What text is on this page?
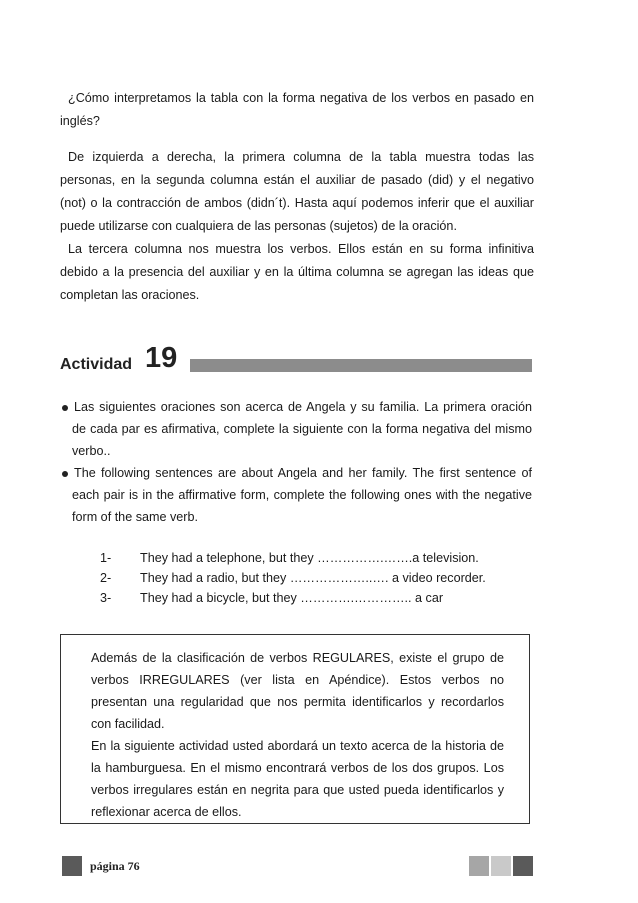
¿Cómo interpretamos la tabla con la forma negativa de los verbos en pasado en inglés?

De izquierda a derecha, la primera columna de la tabla muestra todas las personas, en la segunda columna están el auxiliar de pasado (did) y el negativo (not) o la contracción de ambos (didn´t). Hasta aquí podemos inferir que el auxiliar puede utilizarse con cualquiera de las personas (sujetos) de la oración.

La tercera columna nos muestra los verbos. Ellos están en su forma infinitiva debido a la presencia del auxiliar y en la última columna se agregan las ideas que completan las oraciones.

Actividad 19

Las siguientes oraciones son acerca de Angela y su familia. La primera oración de cada par es afirmativa, complete la siguiente con la forma negativa del mismo verbo..

The following sentences are about Angela and her family. The first sentence of each pair is in the affirmative form, complete the following ones with the negative form of the same verb.

1-	They had a telephone, but they …………….…….a television.
2-	They had a radio, but they ………………..…. a video recorder.
3-	They had a bicycle, but they ………….………….. a car

Además de la clasificación de verbos REGULARES, existe el grupo de verbos IRREGULARES (ver lista en Apéndice). Estos verbos no presentan una regularidad que nos permita identificarlos y recordarlos con facilidad.
En la siguiente actividad usted abordará un texto acerca de la historia de la hamburguesa. En el mismo encontrará verbos de los dos grupos. Los verbos irregulares están en negrita para que usted pueda identificarlos y reflexionar acerca de ellos.

página 76
